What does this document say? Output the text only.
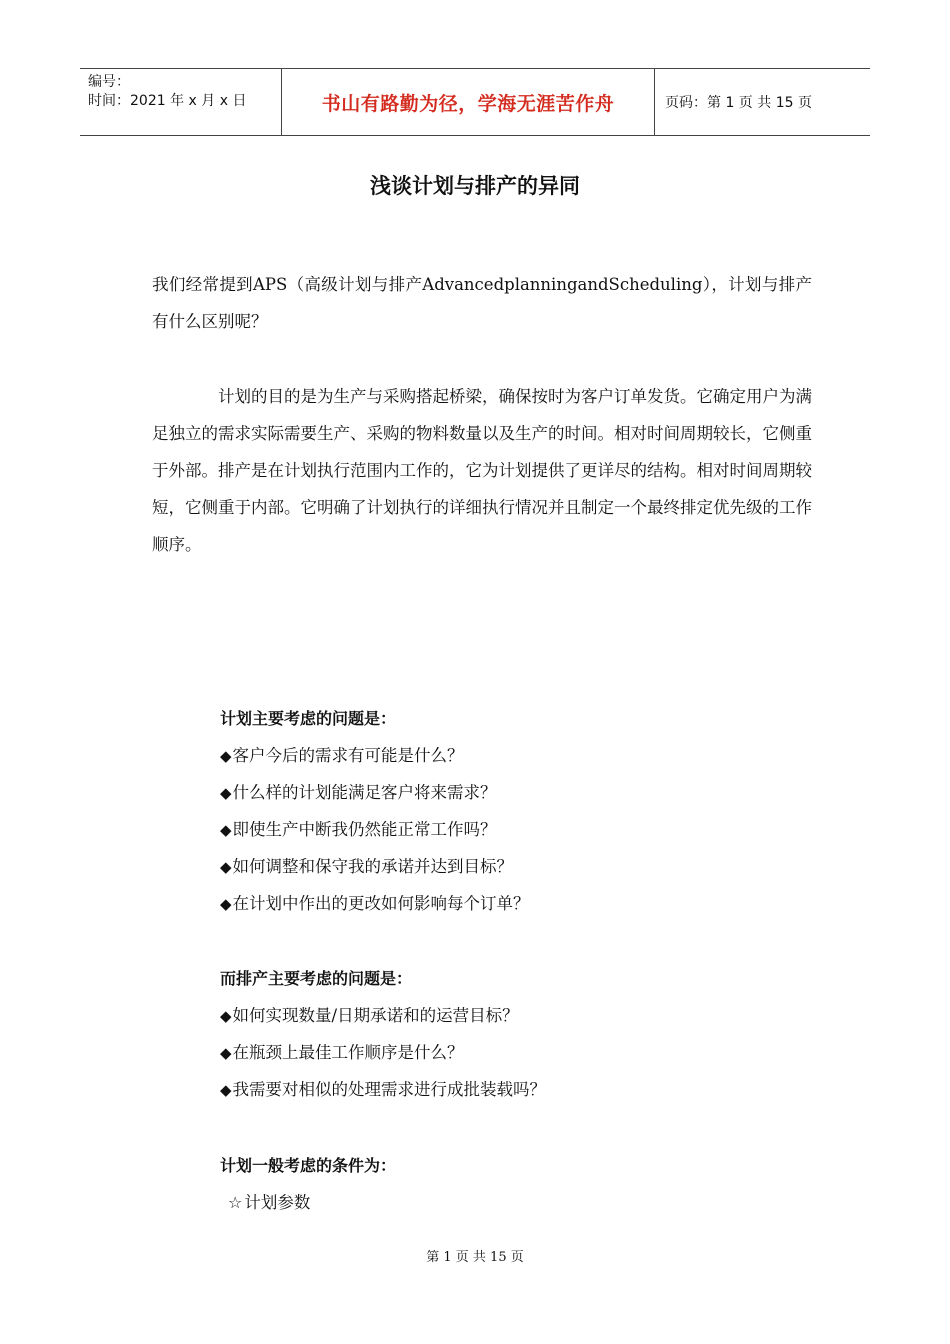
编号：
时间：2021 年 x 月 x 日	书山有路勤为径，学海无涯苦作舟	页码：第 1 页 共 15 页
浅谈计划与排产的异同

我们经常提到APS（高级计划与排产AdvancedplanningandScheduling），计划与排产有什么区别呢？

计划的目的是为生产与采购搭起桥梁，确保按时为客户订单发货。它确定用户为满足独立的需求实际需要生产、采购的物料数量以及生产的时间。相对时间周期较长，它侧重于外部。排产是在计划执行范围内工作的，它为计划提供了更详尽的结构。相对时间周期较短，它侧重于内部。它明确了计划执行的详细执行情况并且制定一个最终排定优先级的工作顺序。

计划主要考虑的问题是：
◆客户今后的需求有可能是什么？
◆什么样的计划能满足客户将来需求？
◆即使生产中断我仍然能正常工作吗？
◆如何调整和保守我的承诺并达到目标？
◆在计划中作出的更改如何影响每个订单？
而排产主要考虑的问题是：
◆如何实现数量/日期承诺和的运营目标？
◆在瓶颈上最佳工作顺序是什么？
◆我需要对相似的处理需求进行成批装载吗？
计划一般考虑的条件为：
☆ 计划参数
第 1 页 共 15 页
